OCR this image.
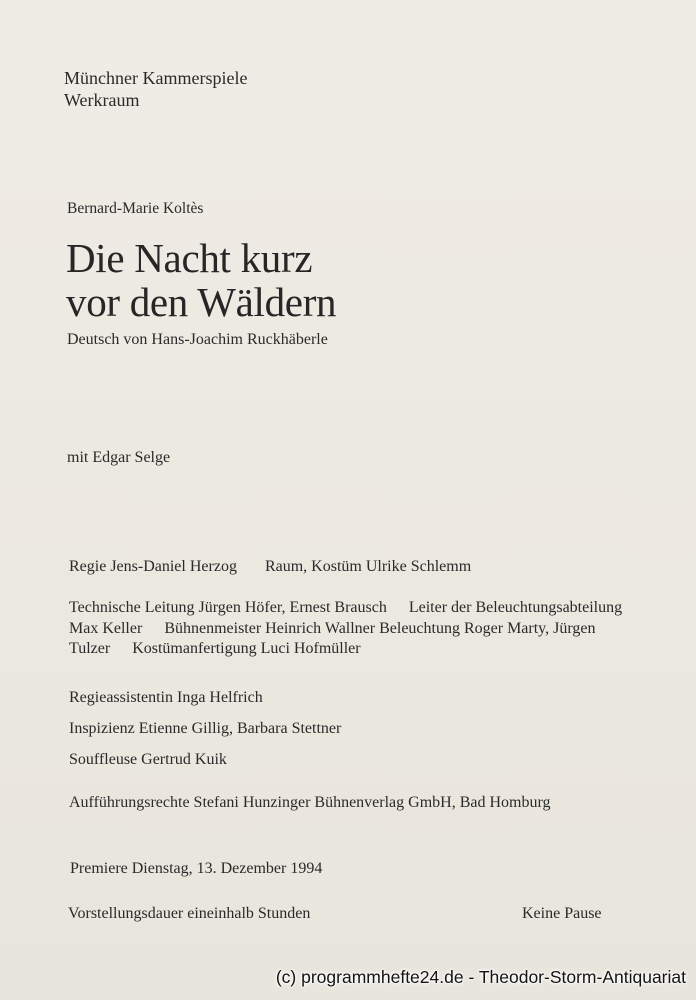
Münchner Kammerspiele
Werkraum
Bernard-Marie Koltès
Die Nacht kurz
vor den Wäldern
Deutsch von Hans-Joachim Ruckhäberle
mit Edgar Selge
Regie Jens-Daniel Herzog Raum, Kostüm Ulrike Schlemm
Technische Leitung Jürgen Höfer, Ernest Brausch Leiter der Beleuchtungsabteilung Max Keller Bühnenmeister Heinrich Wallner Beleuchtung Roger Marty, Jürgen Tulzer Kostümanfertigung Luci Hofmüller
Regieassistentin Inga Helfrich
Inspizienz Etienne Gillig, Barbara Stettner
Souffleuse Gertrud Kuik
Aufführungsrechte Stefani Hunzinger Bühnenverlag GmbH, Bad Homburg
Premiere Dienstag, 13. Dezember 1994
Vorstellungsdauer eineinhalb Stunden	Keine Pause
(c) programmhefte24.de - Theodor-Storm-Antiquariat
